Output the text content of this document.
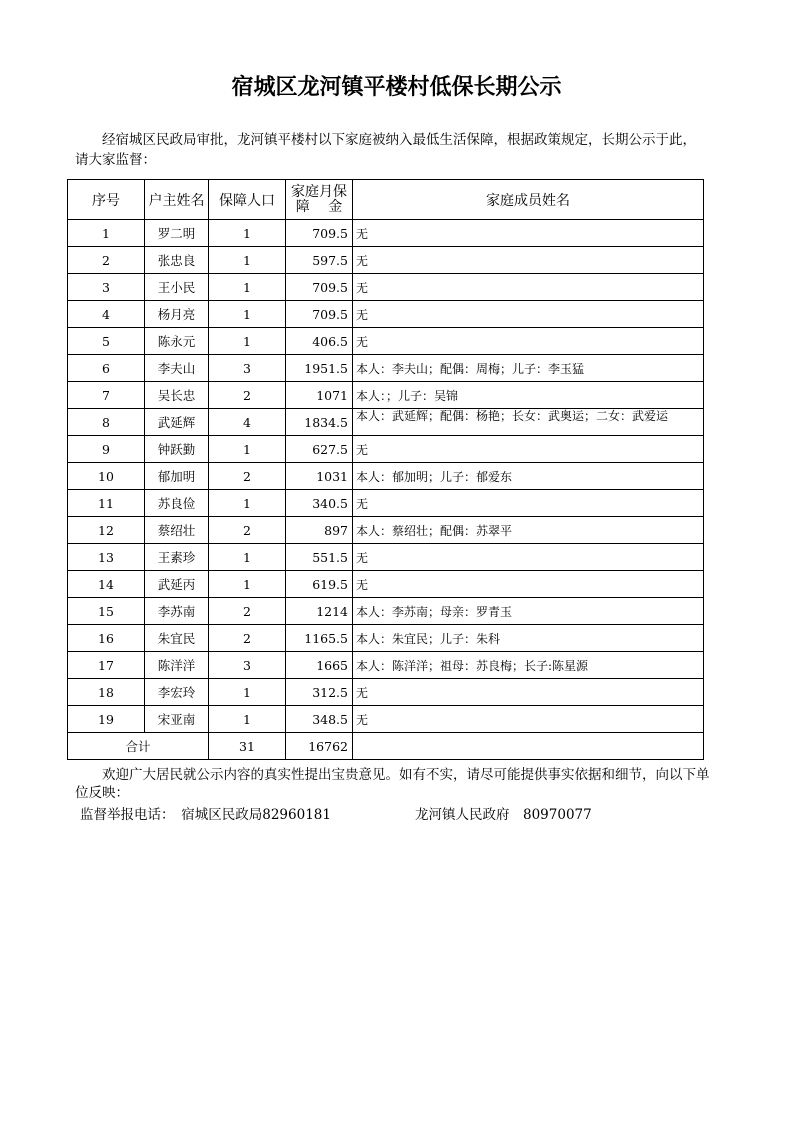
宿城区龙河镇平楼村低保长期公示
经宿城区民政局审批，龙河镇平楼村以下家庭被纳入最低生活保障，根据政策规定，长期公示于此，请大家监督：
序号	户主姓名	保障人口	家庭月保
障　 金	家庭成员姓名
1	罗二明	1	709.5	无
2	张忠良	1	597.5	无
3	王小民	1	709.5	无
4	杨月亮	1	709.5	无
5	陈永元	1	406.5	无
6	李夫山	3	1951.5	本人：李夫山；配偶：周梅；儿子：李玉猛
7	吴长忠	2	1071	本人：；儿子：吴锦
8	武延辉	4	1834.5	本人：武延辉；配偶：杨艳；长女：武奥运；二女：武爱运

9	钟跃勤	1	627.5	无
10	郁加明	2	1031	本人：郁加明；儿子：郁爱东
11	苏良俭	1	340.5	无
12	蔡绍壮	2	897	本人：蔡绍壮；配偶：苏翠平
13	王素珍	1	551.5	无
14	武延丙	1	619.5	无
15	李苏南	2	1214	本人：李苏南；母亲：罗青玉
16	朱宜民	2	1165.5	本人：朱宜民；儿子：朱科
17	陈洋洋	3	1665	本人：陈洋洋；祖母：苏良梅；长子:陈星源
18	李宏玲	1	312.5	无
19	宋亚南	1	348.5	无
合计		31	16762	
欢迎广大居民就公示内容的真实性提出宝贵意见。如有不实，请尽可能提供事实依据和细节，向以下单位反映：
监督举报电话：　宿城区民政局82960181	龙河镇人民政府　80970077
